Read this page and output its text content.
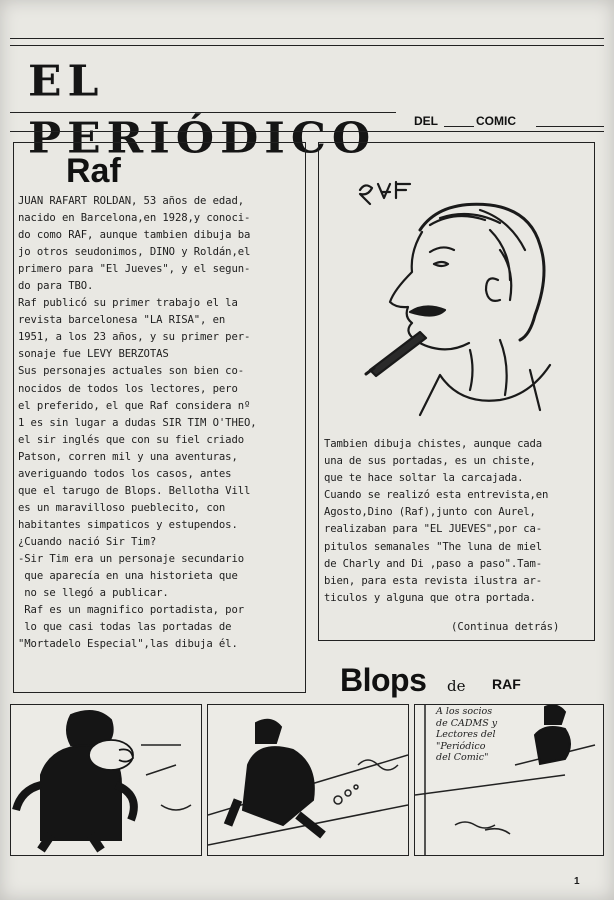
EL PERIÓDICO	DEL	COMIC
Raf
JUAN RAFART ROLDAN, 53 años de edad,
nacido en Barcelona,en 1928,y conoci-
do como RAF, aunque tambien dibuja ba
jo otros seudonimos, DINO y Roldán,el
primero para "El Jueves", y el segun-
do para TBO.
Raf publicó su primer trabajo el la
revista barcelonesa "LA RISA", en
1951, a los 23 años, y su primer per-
sonaje fue LEVY BERZOTAS
Sus personajes actuales son bien co-
nocidos de todos los lectores, pero
el preferido, el que Raf considera nº
1 es sin lugar a dudas SIR TIM O'THEO,
el sir inglés que con su fiel criado
Patson, corren mil y una aventuras,
averiguando todos los casos, antes
que el tarugo de Blops. Bellotha Vill
es un maravilloso pueblecito, con
habitantes simpaticos y estupendos.
¿Cuando nació Sir Tim?
-Sir Tim era un personaje secundario
que aparecía en una historieta que
no se llegó a publicar.
Raf es un magnifico portadista, por
lo que casi todas las portadas de
"Mortadelo Especial",las dibuja él.
Tambien dibuja chistes, aunque cada
una de sus portadas, es un chiste,
que te hace soltar la carcajada.
Cuando se realizó esta entrevista,en
Agosto,Dino (Raf),junto con Aurel,
realizaban para "EL JUEVES",por ca-
pitulos semanales "The luna de miel
de Charly and Di ,paso a paso".Tam-
bien, para esta revista ilustra ar-
ticulos y alguna que otra portada.
(Continua detrás)
Blops de RAF
A los socios
de CADMS y
Lectores del
"Periódico
del Comic"
1
